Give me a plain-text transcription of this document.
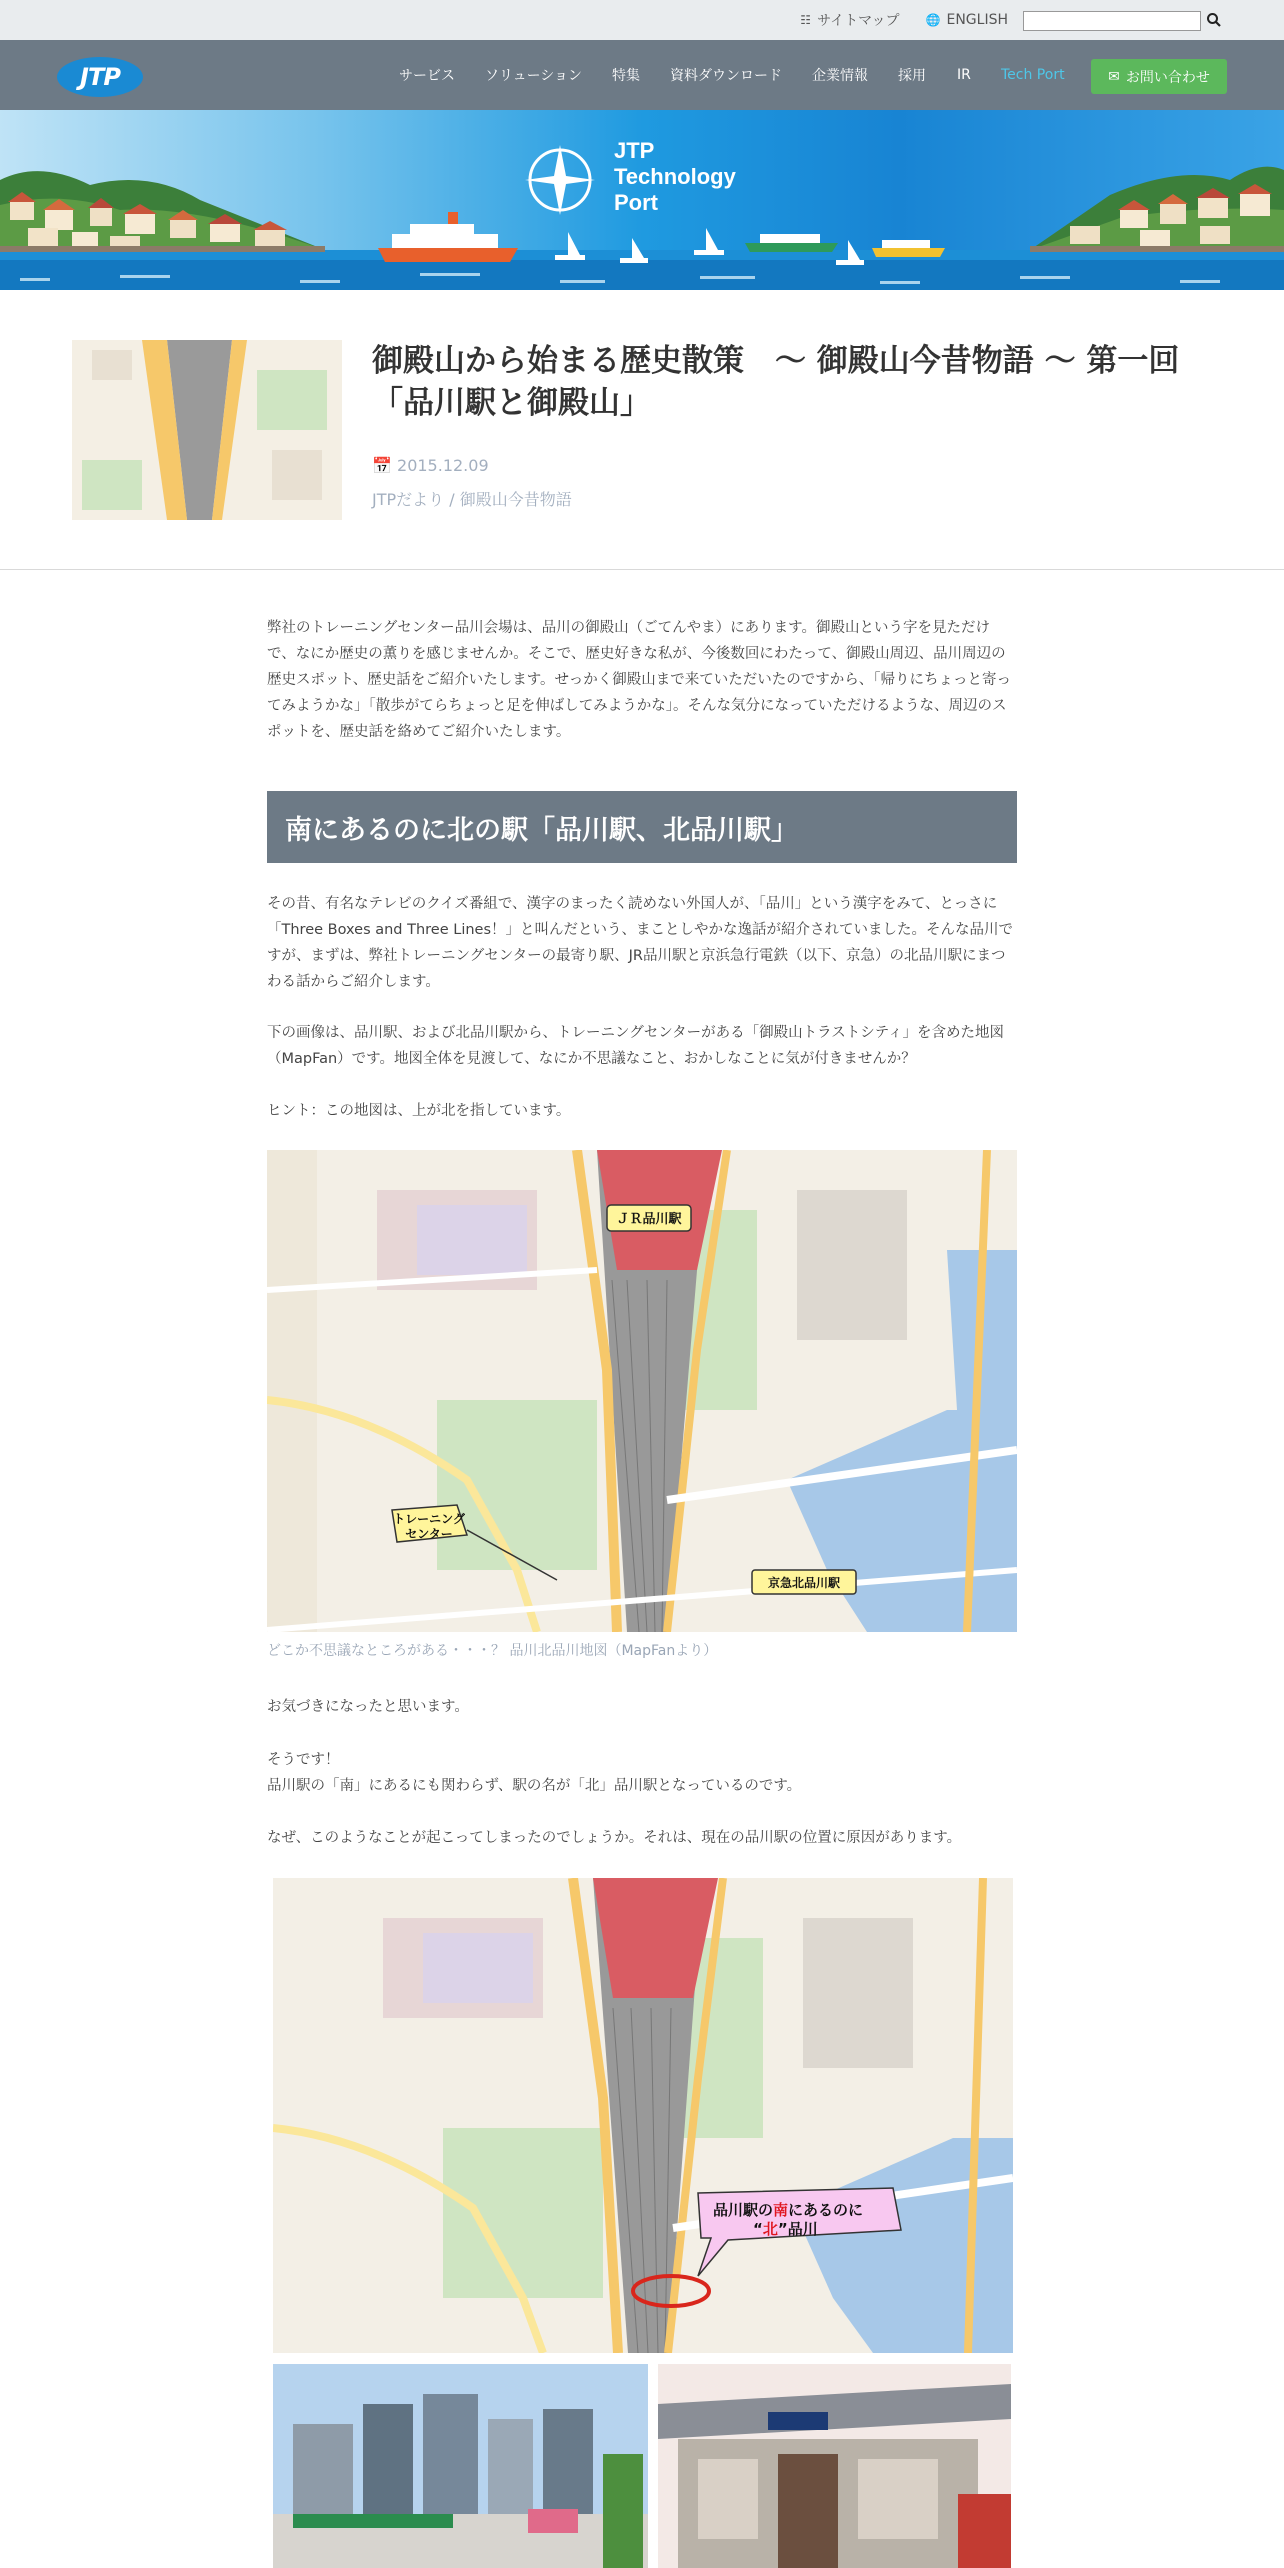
☷ サイトマップ 🌐 ENGLISH
JTP	サービス ソリューション 特集 資料ダウンロード 企業情報 採用 IR Tech Port	✉ お問い合わせ
JTP
Technology
Port
御殿山から始まる歴史散策　～ 御殿山今昔物語 ～ 第一回「品川駅と御殿山」
📅 2015.12.09
JTPだより / 御殿山今昔物語

弊社のトレーニングセンター品川会場は、品川の御殿山（ごてんやま）にあります。御殿山という字を見ただけで、なにか歴史の薫りを感じませんか。そこで、歴史好きな私が、今後数回にわたって、御殿山周辺、品川周辺の歴史スポット、歴史話をご紹介いたします。せっかく御殿山まで来ていただいたのですから、「帰りにちょっと寄ってみようかな」「散歩がてらちょっと足を伸ばしてみようかな」。そんな気分になっていただけるような、周辺のスポットを、歴史話を絡めてご紹介いたします。

南にあるのに北の駅「品川駅、北品川駅」

その昔、有名なテレビのクイズ番組で、漢字のまったく読めない外国人が、「品川」という漢字をみて、とっさに「Three Boxes and Three Lines！」と叫んだという、まことしやかな逸話が紹介されていました。そんな品川ですが、まずは、弊社トレーニングセンターの最寄り駅、JR品川駅と京浜急行電鉄（以下、京急）の北品川駅にまつわる話からご紹介します。

下の画像は、品川駅、および北品川駅から、トレーニングセンターがある「御殿山トラストシティ」を含めた地図（MapFan）です。地図全体を見渡して、なにか不思議なこと、おかしなことに気が付きませんか？

ヒント：この地図は、上が北を指しています。

ＪＲ品川駅
トレーニング
センター
京急北品川駅
どこか不思議なところがある・・・？ 品川北品川地図（MapFanより）

お気づきになったと思います。

そうです！

品川駅の「南」にあるにも関わらず、駅の名が「北」品川駅となっているのです。

なぜ、このようなことが起こってしまったのでしょうか。それは、現在の品川駅の位置に原因があります。

品川駅の南にあるのに
“北”品川
